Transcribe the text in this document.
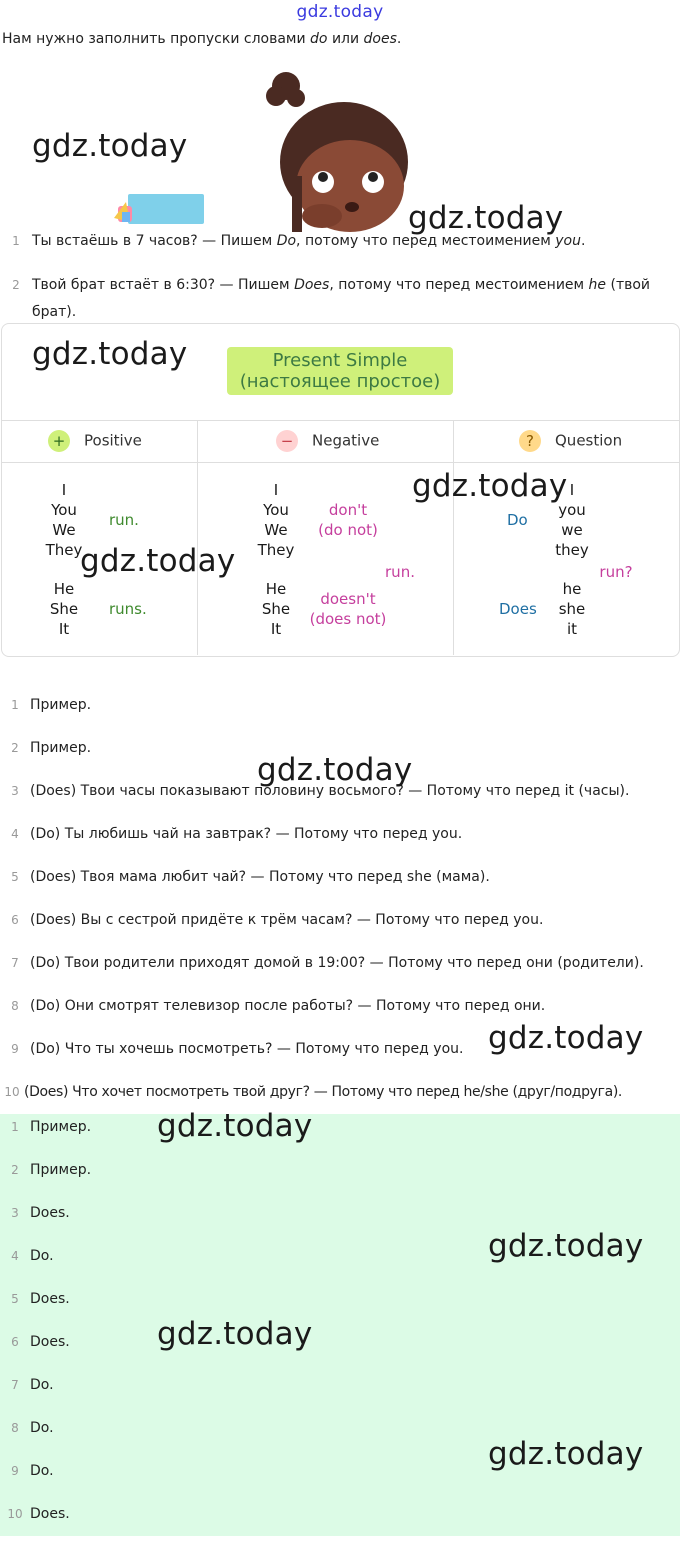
gdz.today
Нам нужно заполнить пропуски словами do или does.
gdz.today
gdz.today
1 Ты встаёшь в 7 часов? — Пишем Do, потому что перед местоимением you.
2 Твой брат встаёт в 6:30? — Пишем Does, потому что перед местоимением he (твой брат).
Present Simple
(настоящее простое)
gdz.today
+ Positive	− Negative	? Question
I
You
We
They
run.
He
She
It
runs.
I
You
We
They
don't
(do not)
run.
He
She
It
doesn't
(does not)
I
you
we
they
Do
run?
he
she
it
Does
gdz.today
gdz.today
1 Пример.
2 Пример.
3 (Does) Твои часы показывают половину восьмого? — Потому что перед it (часы).
4 (Do) Ты любишь чай на завтрак? — Потому что перед you.
5 (Does) Твоя мама любит чай? — Потому что перед she (мама).
6 (Does) Вы с сестрой придёте к трём часам? — Потому что перед you.
7 (Do) Твои родители приходят домой в 19:00? — Потому что перед они (родители).
8 (Do) Они смотрят телевизор после работы? — Потому что перед они.
9 (Do) Что ты хочешь посмотреть? — Потому что перед you.
10 (Does) Что хочет посмотреть твой друг? — Потому что перед he/she (друг/подруга).
gdz.today
gdz.today
1 Пример.
2 Пример.
3 Does.
4 Do.
5 Does.
6 Does.
7 Do.
8 Do.
9 Do.
10 Does.
gdz.today
gdz.today
gdz.today
gdz.today
